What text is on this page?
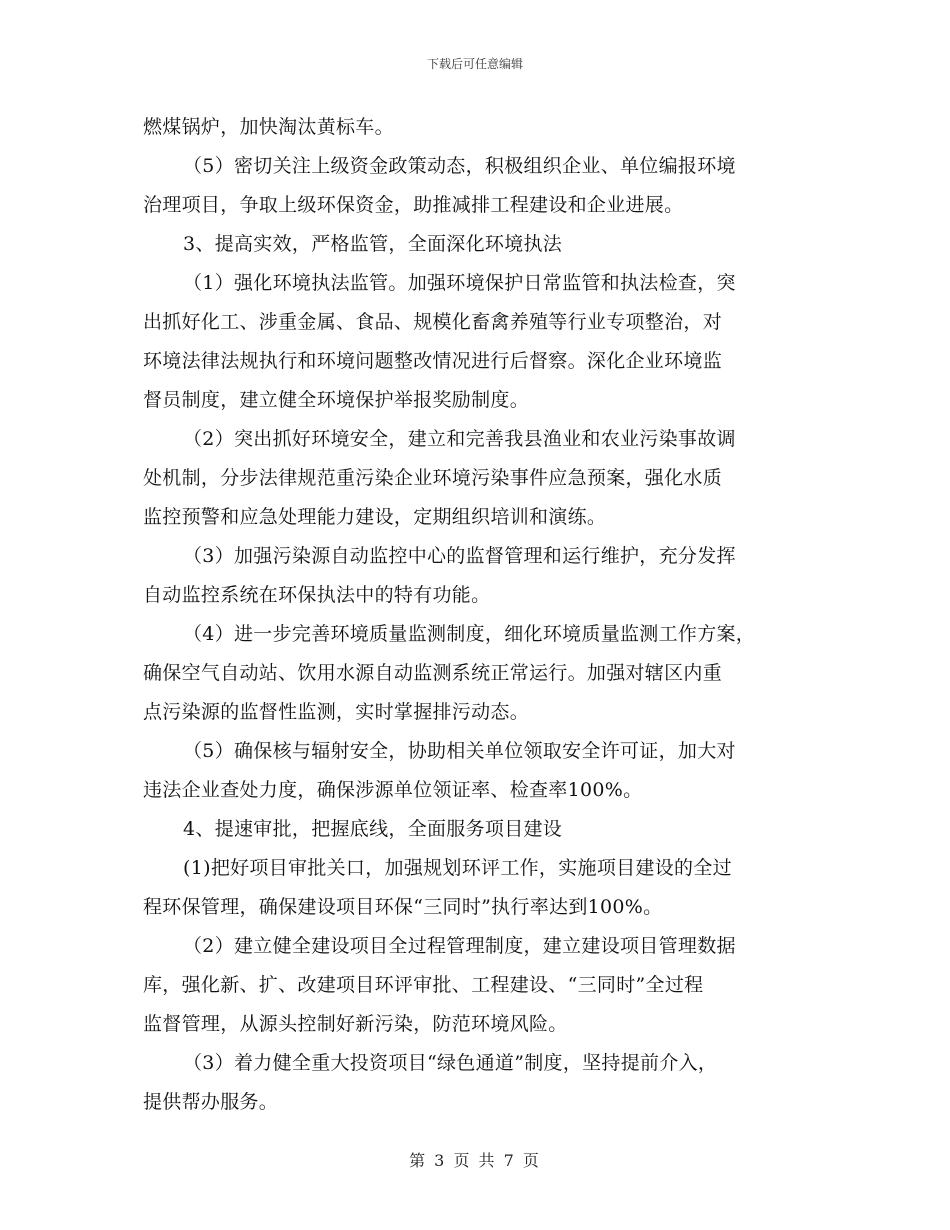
下载后可任意编辑
燃煤锅炉，加快淘汰黄标车。
（5）密切关注上级资金政策动态，积极组织企业、单位编报环境
治理项目，争取上级环保资金，助推减排工程建设和企业进展。
3、提高实效，严格监管，全面深化环境执法
（1）强化环境执法监管。加强环境保护日常监管和执法检查，突
出抓好化工、涉重金属、食品、规模化畜禽养殖等行业专项整治，对
环境法律法规执行和环境问题整改情况进行后督察。深化企业环境监
督员制度，建立健全环境保护举报奖励制度。
（2）突出抓好环境安全，建立和完善我县渔业和农业污染事故调
处机制，分步法律规范重污染企业环境污染事件应急预案，强化水质
监控预警和应急处理能力建设，定期组织培训和演练。
（3）加强污染源自动监控中心的监督管理和运行维护，充分发挥
自动监控系统在环保执法中的特有功能。
（4）进一步完善环境质量监测制度，细化环境质量监测工作方案，
确保空气自动站、饮用水源自动监测系统正常运行。加强对辖区内重
点污染源的监督性监测，实时掌握排污动态。
（5）确保核与辐射安全，协助相关单位领取安全许可证，加大对
违法企业查处力度，确保涉源单位领证率、检查率100%。
4、提速审批，把握底线，全面服务项目建设
(1)把好项目审批关口，加强规划环评工作，实施项目建设的全过
程环保管理，确保建设项目环保“三同时”执行率达到100%。
（2）建立健全建设项目全过程管理制度，建立建设项目管理数据
库，强化新、扩、改建项目环评审批、工程建设、“三同时”全过程
监督管理，从源头控制好新污染，防范环境风险。
（3）着力健全重大投资项目“绿色通道”制度，坚持提前介入，
提供帮办服务。
第 3 页 共 7 页
